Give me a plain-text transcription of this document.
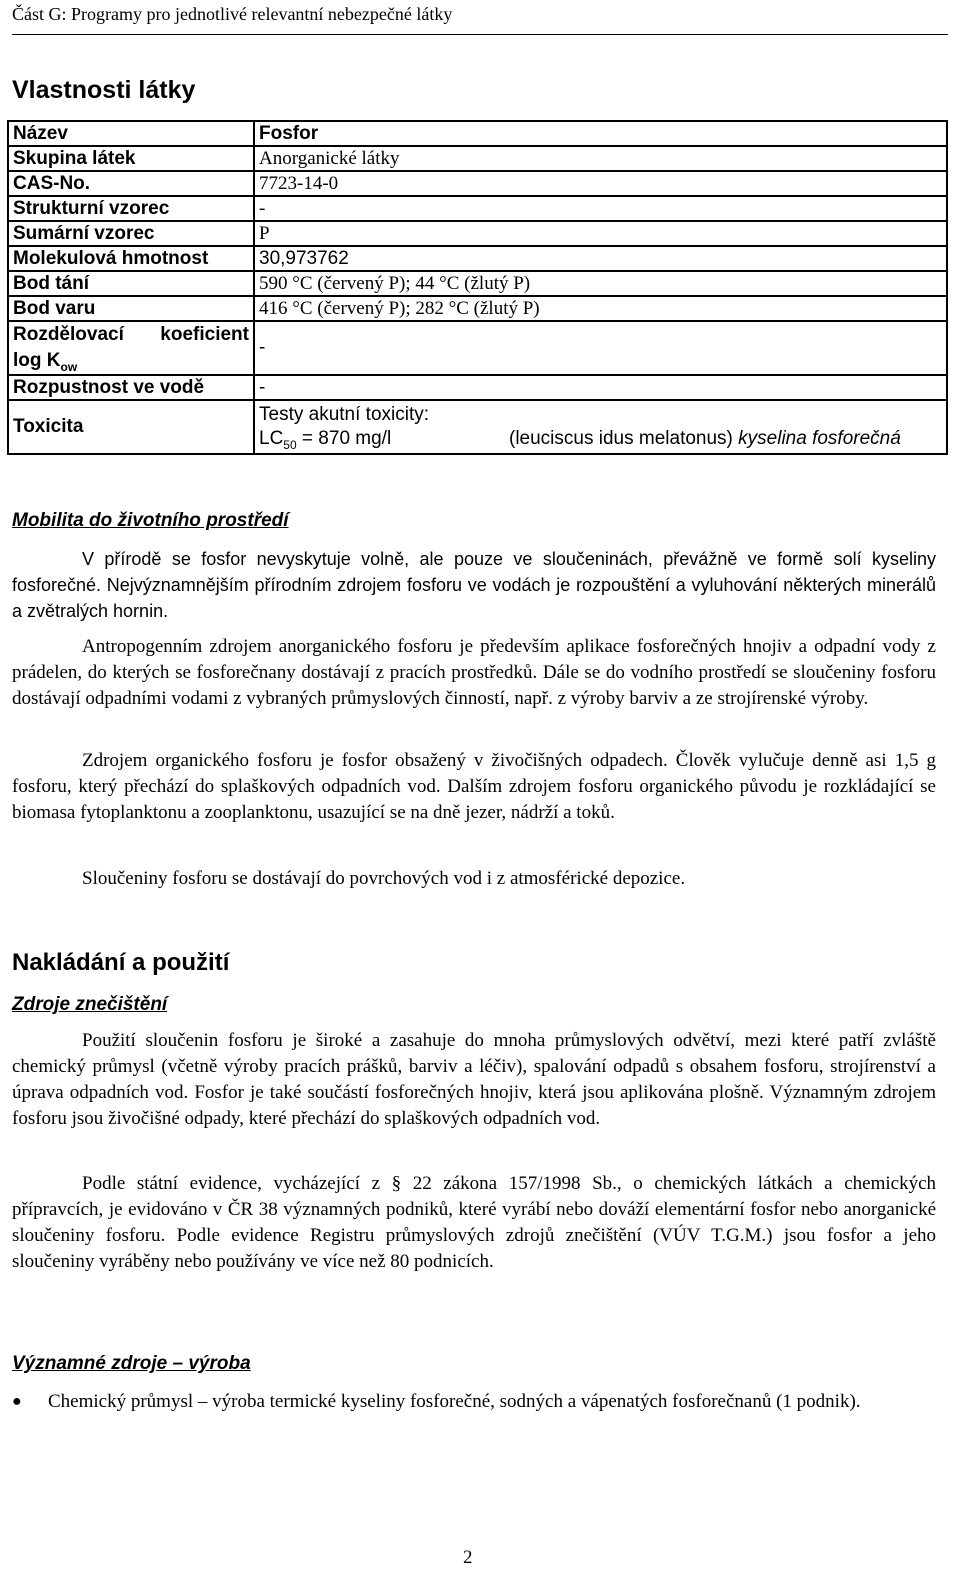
Část G: Programy pro jednotlivé relevantní nebezpečné látky
Vlastnosti látky
Název	Fosfor
Skupina látek	Anorganické látky
CAS-No.	7723-14-0
Strukturní vzorec	-
Sumární vzorec	P
Molekulová hmotnost	30,973762
Bod tání	590 °C (červený P); 44 °C (žlutý P)
Bod varu	416 °C (červený P); 282 °C (žlutý P)

Rozdělovací koeficient
$\log K_{ow}$	-
Rozpustnost ve vodě	-
Toxicita	Testy akutní toxicity:
$LC_{50} = 870$ mg/l (leuciscus idus melatonus) kyselina fosforečná
Mobilita do životního prostředí

V přírodě se fosfor nevyskytuje volně, ale pouze ve sloučeninách, převážně ve formě solí kyseliny fosforečné. Nejvýznamnějším přírodním zdrojem fosforu ve vodách je rozpouštění a vyluhování některých minerálů a zvětralých hornin.

Antropogenním zdrojem anorganického fosforu je především aplikace fosforečných hnojiv a odpadní vody z prádelen, do kterých se fosforečnany dostávají z pracích prostředků. Dále se do vodního prostředí se sloučeniny fosforu dostávají odpadními vodami z vybraných průmyslových činností, např. z výroby barviv a ze strojírenské výroby.

Zdrojem organického fosforu je fosfor obsažený v živočišných odpadech. Člověk vylučuje denně asi 1,5 g fosforu, který přechází do splaškových odpadních vod. Dalším zdrojem fosforu organického původu je rozkládající se biomasa fytoplanktonu a zooplanktonu, usazující se na dně jezer, nádrží a toků.

Sloučeniny fosforu se dostávají do povrchových vod i z atmosférické depozice.

Nakládání a použití
Zdroje znečištění

Použití sloučenin fosforu je široké a zasahuje do mnoha průmyslových odvětví, mezi které patří zvláště chemický průmysl (včetně výroby pracích prášků, barviv a léčiv), spalování odpadů s obsahem fosforu, strojírenství a úprava odpadních vod. Fosfor je také součástí fosforečných hnojiv, která jsou aplikována plošně. Významným zdrojem fosforu jsou živočišné odpady, které přechází do splaškových odpadních vod.

Podle státní evidence, vycházející z § 22 zákona 157/1998 Sb., o chemických látkách a chemických přípravcích, je evidováno v ČR 38 významných podniků, které vyrábí nebo dováží elementární fosfor nebo anorganické sloučeniny fosforu. Podle evidence Registru průmyslových zdrojů znečištění (VÚV T.G.M.) jsou fosfor a jeho sloučeniny vyráběny nebo používány ve více než 80 podnicích.

Významné zdroje – výroba
●	Chemický průmysl – výroba termické kyseliny fosforečné, sodných a vápenatých fosforečnanů (1 podnik).
2
